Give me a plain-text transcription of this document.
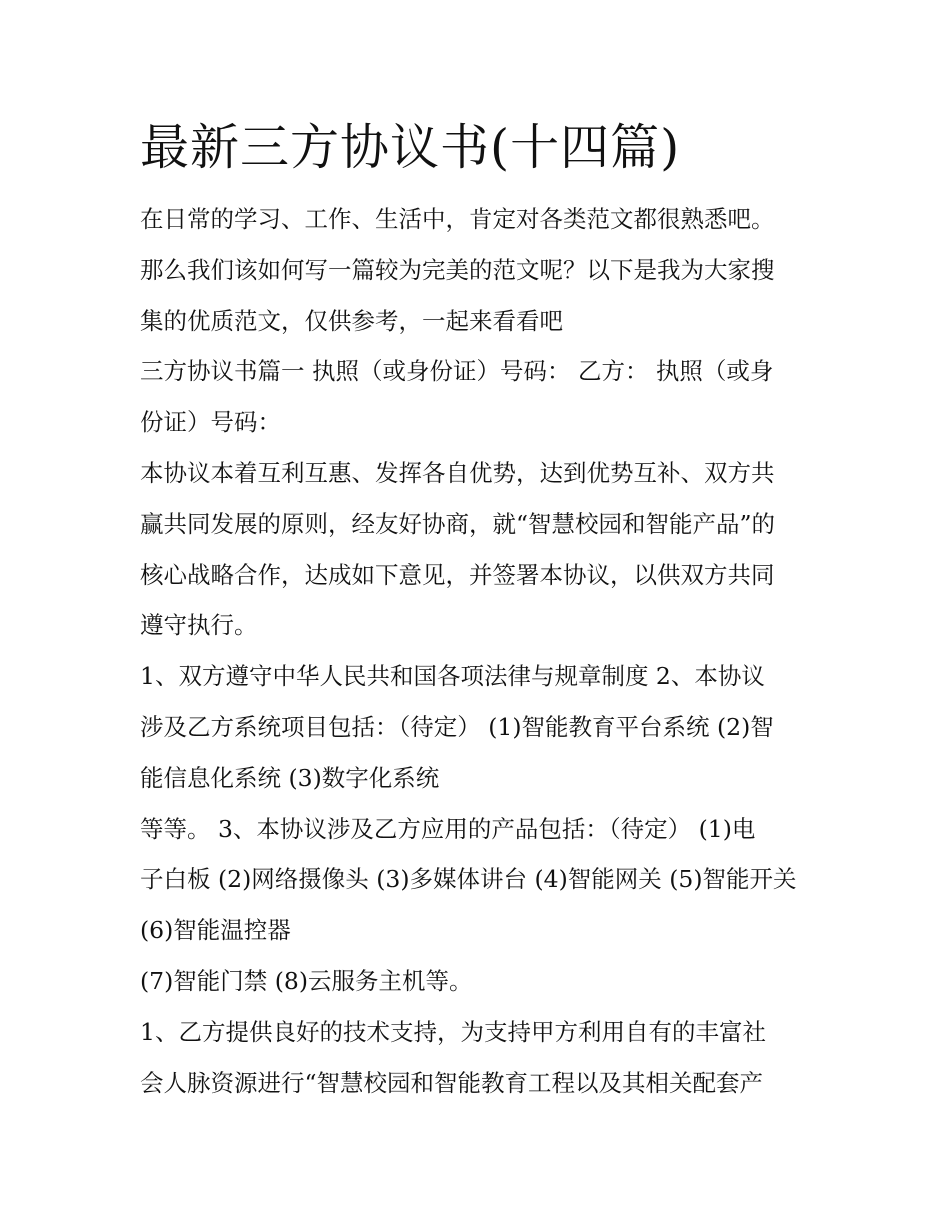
最新三方协议书(十四篇)

在日常的学习、工作、生活中，肯定对各类范文都很熟悉吧。
那么我们该如何写一篇较为完美的范文呢？以下是我为大家搜
集的优质范文，仅供参考，一起来看看吧

三方协议书篇一 执照（或身份证）号码： 乙方： 执照（或身
份证）号码：

本协议本着互利互惠、发挥各自优势，达到优势互补、双方共
赢共同发展的原则，经友好协商，就“智慧校园和智能产品”的
核心战略合作，达成如下意见，并签署本协议，以供双方共同
遵守执行。

1、双方遵守中华人民共和国各项法律与规章制度 2、本协议
涉及乙方系统项目包括：（待定） (1)智能教育平台系统 (2)智
能信息化系统 (3)数字化系统

等等。 3、本协议涉及乙方应用的产品包括：（待定） (1)电
子白板 (2)网络摄像头 (3)多媒体讲台 (4)智能网关 (5)智能开关
(6)智能温控器

(7)智能门禁 (8)云服务主机等。

1、乙方提供良好的技术支持，为支持甲方利用自有的丰富社
会人脉资源进行“智慧校园和智能教育工程以及其相关配套产
